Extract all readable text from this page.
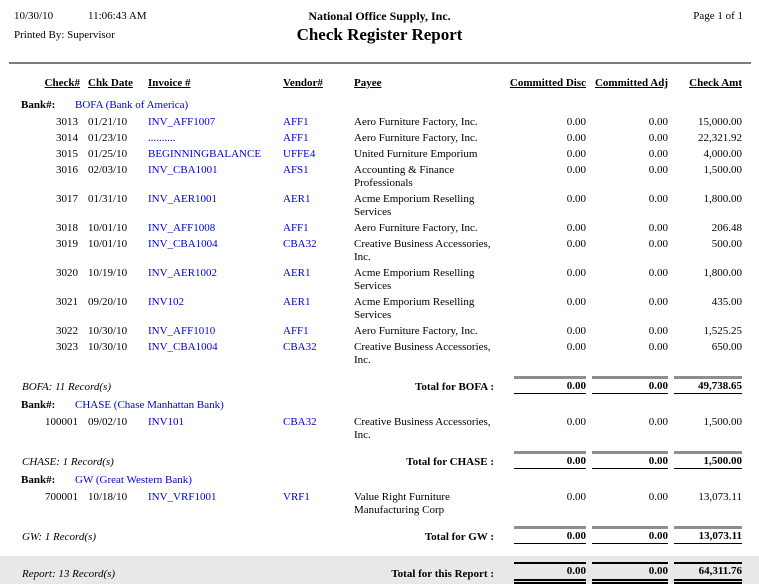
10/30/10	11:06:43 AM
Printed By: Supervisor
National Office Supply, Inc.
Check Register Report
Page 1 of 1
Check# Chk Date	Invoice #	Vendor#	Payee	Committed Disc Committed Adj	Check Amt
Bank#:	BOFA (Bank of America)
3013 01/21/10	INV_AFF1007	AFF1	Aero Furniture Factory, Inc.	0.00	0.00	15,000.00
3014 01/23/10	..........	AFF1	Aero Furniture Factory, Inc.	0.00	0.00	22,321.92
3015 01/25/10	BEGINNINGBALANCE	UFFE4	United Furniture Emporium	0.00	0.00	4,000.00
3016 02/03/10	INV_CBA1001	AFS1	Accounting & Finance Professionals
0.00	0.00	1,500.00
3017 01/31/10	INV_AER1001	AER1	Acme Emporium Reselling Services
0.00	0.00	1,800.00
3018 10/01/10	INV_AFF1008	AFF1	Aero Furniture Factory, Inc.	0.00	0.00	206.48
3019 10/01/10	INV_CBA1004	CBA32	Creative Business Accessories, Inc.
0.00	0.00	500.00
3020 10/19/10	INV_AER1002	AER1	Acme Emporium Reselling Services
0.00	0.00	1,800.00
3021 09/20/10	INV102	AER1	Acme Emporium Reselling Services
0.00	0.00	435.00
3022 10/30/10	INV_AFF1010	AFF1	Aero Furniture Factory, Inc.	0.00	0.00	1,525.25
3023 10/30/10	INV_CBA1004	CBA32	Creative Business Accessories, Inc.
0.00	0.00	650.00
BOFA: 11 Record(s)	Total for BOFA :	0.00	0.00	49,738.65
Bank#:	CHASE (Chase Manhattan Bank)
100001 09/02/10	INV101	CBA32	Creative Business Accessories, Inc.
0.00	0.00	1,500.00
CHASE: 1 Record(s)	Total for CHASE :	0.00	0.00	1,500.00
Bank#:	GW (Great Western Bank)
700001 10/18/10	INV_VRF1001	VRF1	Value Right Furniture Manufacturing Corp
0.00	0.00	13,073.11
GW: 1 Record(s)	Total for GW :	0.00	0.00	13,073.11
Report: 13 Record(s)	Total for this Report :	0.00	0.00	64,311.76
